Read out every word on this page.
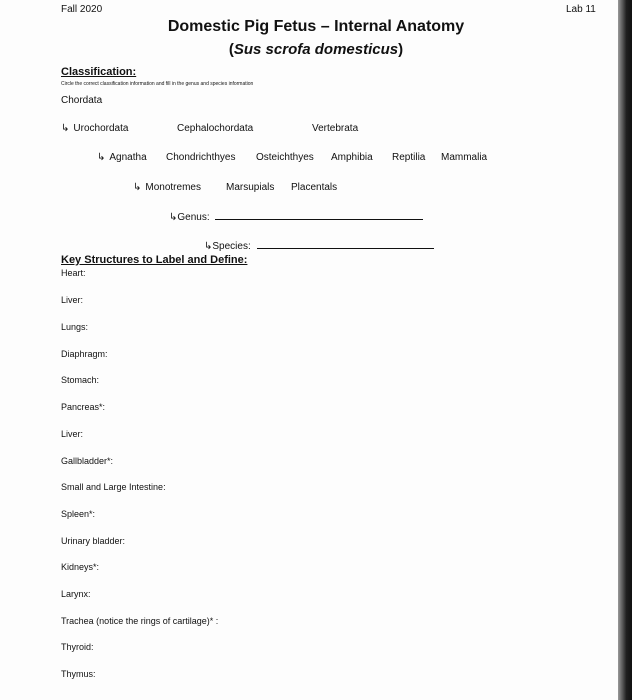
Fall 2020	Lab 11
Domestic Pig Fetus – Internal Anatomy
(Sus scrofa domesticus)
Classification:
Circle the correct classification information and fill in the genus and species information
Chordata
↳ Urochordata	Cephalochordata	Vertebrata
↳ Agnatha Chondrichthyes Osteichthyes Amphibia Reptilia Mammalia
↳ Monotremes	Marsupials Placentals
↳Genus:
↳Species:
Key Structures to Label and Define:
Heart:
Liver:
Lungs:
Diaphragm:
Stomach:
Pancreas*:
Liver:
Gallbladder*:
Small and Large Intestine:
Spleen*:
Urinary bladder:
Kidneys*:
Larynx:
Trachea (notice the rings of cartilage)* :
Thyroid:
Thymus:
